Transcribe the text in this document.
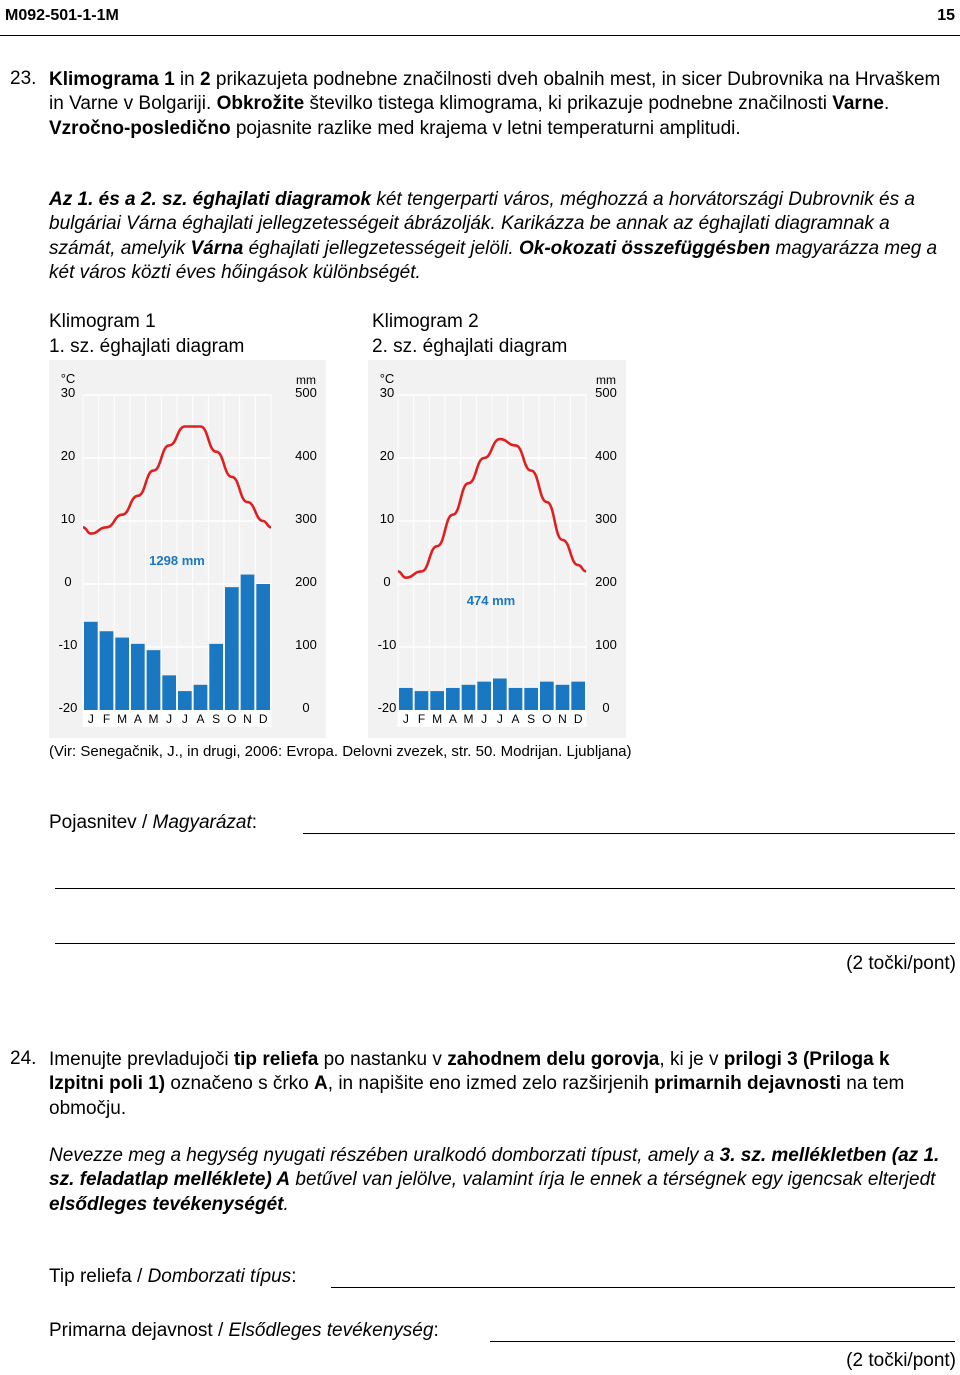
M092-501-1-1M	15
23. Klimograma 1 in 2 prikazujeta podnebne značilnosti dveh obalnih mest, in sicer Dubrovnika na Hrvaškem in Varne v Bolgariji. Obkrožite številko tistega klimograma, ki prikazuje podnebne značilnosti Varne. Vzročno-posledično pojasnite razlike med krajema v letni temperaturni amplitudi.
Az 1. és a 2. sz. éghajlati diagramok két tengerparti város, méghozzá a horvátországi Dubrovnik és a bulgáriai Várna éghajlati jellegzetességeit ábrázolják. Karikázza be annak az éghajlati diagramnak a számát, amelyik Várna éghajlati jellegzetességeit jelöli. Ok-okozati összefüggésben magyarázza meg a két város közti éves hőingások különbségét.
Klimogram 1
1. sz. éghajlati diagram
Klimogram 2
2. sz. éghajlati diagram
30	500
20	400
10	300
0	200
-10	100
-20	0
°C	mm
J F M A M J J A S O N D
1298 mm
30	500
20	400
10	300
0	200
-10	100
-20	0
°C	mm
J F M A M J J A S O N D
474 mm
(Vir: Senegačnik, J., in drugi, 2006: Evropa. Delovni zvezek, str. 50. Modrijan. Ljubljana)
Pojasnitev / Magyarázat:
(2 točki/pont)
24. Imenujte prevladujoči tip reliefa po nastanku v zahodnem delu gorovja, ki je v prilogi 3 (Priloga k Izpitni poli 1) označeno s črko A, in napišite eno izmed zelo razširjenih primarnih dejavnosti na tem območju.
Nevezze meg a hegység nyugati részében uralkodó domborzati típust, amely a 3. sz. mellékletben (az 1. sz. feladatlap melléklete) A betűvel van jelölve, valamint írja le ennek a térségnek egy igencsak elterjedt elsődleges tevékenységét.
Tip reliefa / Domborzati típus:
Primarna dejavnost / Elsődleges tevékenység:
(2 točki/pont)
